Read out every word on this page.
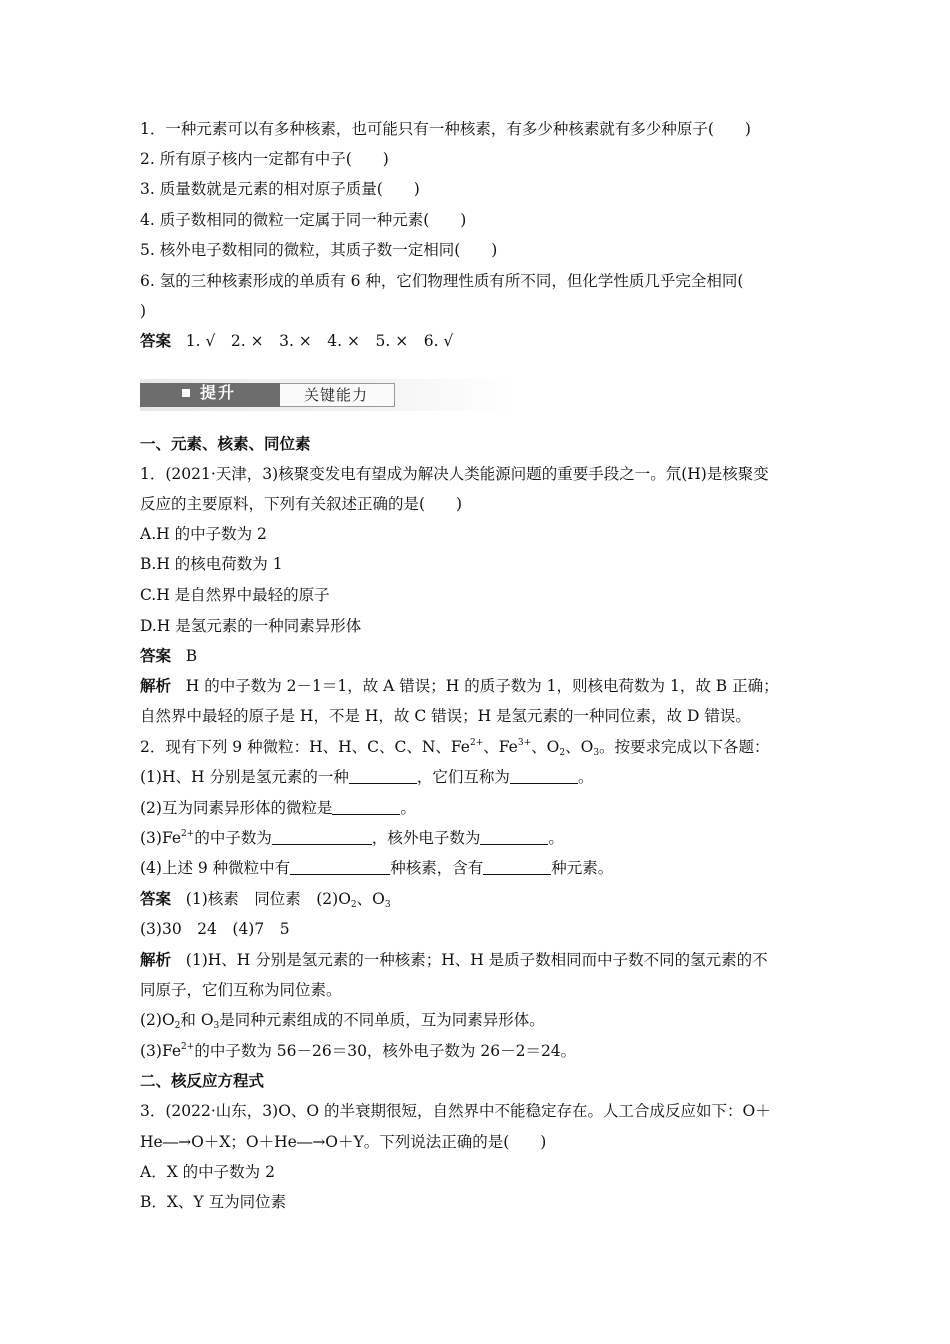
1．一种元素可以有多种核素，也可能只有一种核素，有多少种核素就有多少种原子(　　)
2. 所有原子核内一定都有中子(　　)
3. 质量数就是元素的相对原子质量(　　)
4. 质子数相同的微粒一定属于同一种元素(　　)
5. 核外电子数相同的微粒，其质子数一定相同(　　)
6. 氢的三种核素形成的单质有 6 种，它们物理性质有所不同，但化学性质几乎完全相同(
)
答案 1. √　2. ×　3. ×　4. ×　5. ×　6. √
提升	关键能力
一、元素、核素、同位素
1．(2021·天津，3)核聚变发电有望成为解决人类能源问题的重要手段之一。氘(H)是核聚变
反应的主要原料，下列有关叙述正确的是(　　)
A.H 的中子数为 2
B.H 的核电荷数为 1
C.H 是自然界中最轻的原子
D.H 是氢元素的一种同素异形体
答案 B
解析 H 的中子数为 2－1＝1，故 A 错误；H 的质子数为 1，则核电荷数为 1，故 B 正确；
自然界中最轻的原子是 H，不是 H，故 C 错误；H 是氢元素的一种同位素，故 D 错误。
2．现有下列 9 种微粒：H、H、C、C、N、$Fe^{2+}$、$Fe^{3+}$、$O_2$、$O_3$。按要求完成以下各题：
(1)H、H 分别是氢元素的一种	，它们互称为	。
(2)互为同素异形体的微粒是	。
$(3)Fe^{2+}$的中子数为	，核外电子数为	。
(4)上述 9 种微粒中有	种核素，含有	种元素。
答案 (1)核素　同位素　$(2)O_2$、$O_3$
(3)30　24　(4)7　5
解析 (1)H、H 分别是氢元素的一种核素；H、H 是质子数相同而中子数不同的氢元素的不
同原子，它们互称为同位素。
$(2)O_2$和 $O_3$是同种元素组成的不同单质，互为同素异形体。
$(3)Fe^{2+}$的中子数为 56－26＝30，核外电子数为 26－2＝24。
二、核反应方程式
3．(2022·山东，3)O、O 的半衰期很短，自然界中不能稳定存在。人工合成反应如下：O＋
He―→O＋X；O＋He―→O＋Y。下列说法正确的是(　　)
A．X 的中子数为 2
B．X、Y 互为同位素
